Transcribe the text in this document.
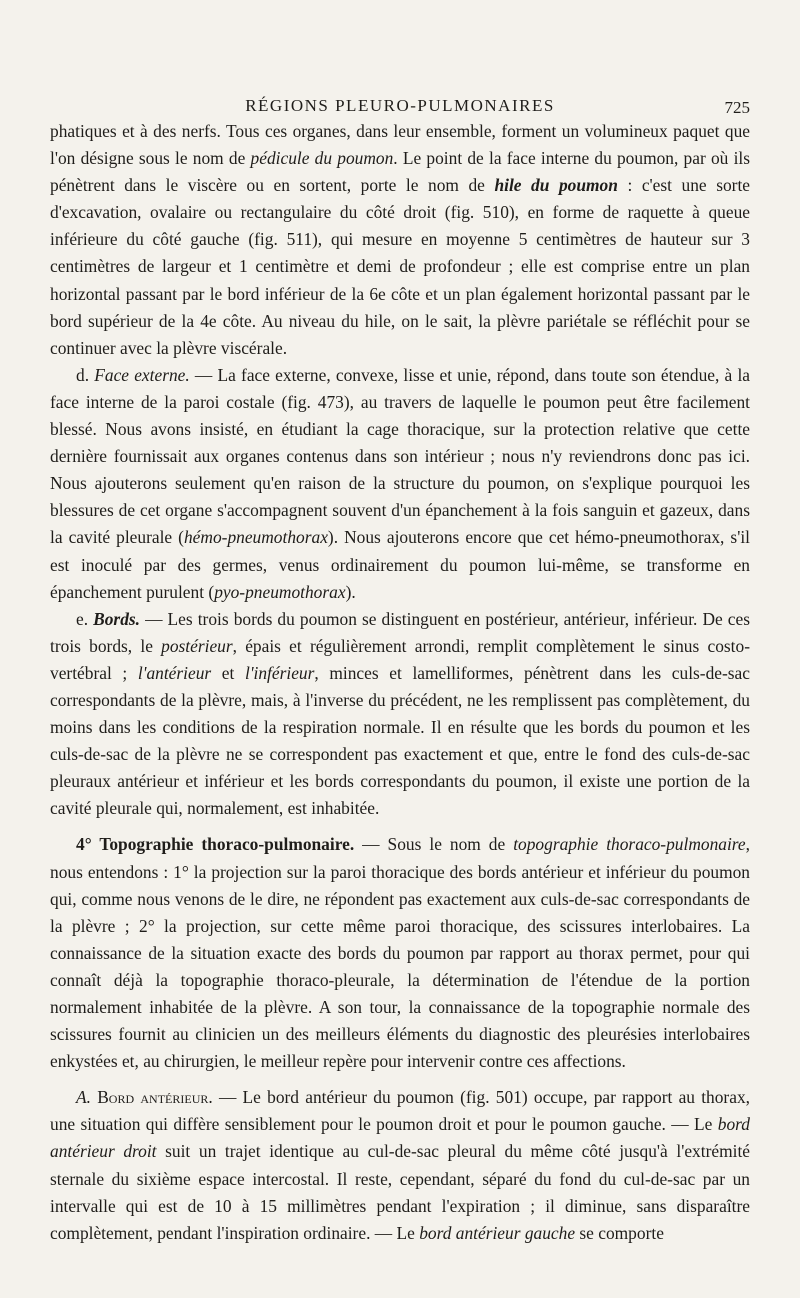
RÉGIONS PLEURO-PULMONAIRES	725

phatiques et à des nerfs. Tous ces organes, dans leur ensemble, forment un volumineux paquet que l'on désigne sous le nom de pédicule du poumon. Le point de la face interne du poumon, par où ils pénètrent dans le viscère ou en sortent, porte le nom de hile du poumon : c'est une sorte d'excavation, ovalaire ou rectangulaire du côté droit (fig. 510), en forme de raquette à queue inférieure du côté gauche (fig. 511), qui mesure en moyenne 5 centimètres de hauteur sur 3 centimètres de largeur et 1 centimètre et demi de profondeur ; elle est comprise entre un plan horizontal passant par le bord inférieur de la 6e côte et un plan également horizontal passant par le bord supérieur de la 4e côte. Au niveau du hile, on le sait, la plèvre pariétale se réfléchit pour se continuer avec la plèvre viscérale.

d. Face externe. — La face externe, convexe, lisse et unie, répond, dans toute son étendue, à la face interne de la paroi costale (fig. 473), au travers de laquelle le poumon peut être facilement blessé. Nous avons insisté, en étudiant la cage thoracique, sur la protection relative que cette dernière fournissait aux organes contenus dans son intérieur ; nous n'y reviendrons donc pas ici. Nous ajouterons seulement qu'en raison de la structure du poumon, on s'explique pourquoi les blessures de cet organe s'accompagnent souvent d'un épanchement à la fois sanguin et gazeux, dans la cavité pleurale (hémo-pneumothorax). Nous ajouterons encore que cet hémo-pneumothorax, s'il est inoculé par des germes, venus ordinairement du poumon lui-même, se transforme en épanchement purulent (pyo-pneumothorax).

e. Bords. — Les trois bords du poumon se distinguent en postérieur, antérieur, inférieur. De ces trois bords, le postérieur, épais et régulièrement arrondi, remplit complètement le sinus costo-vertébral ; l'antérieur et l'inférieur, minces et lamelliformes, pénètrent dans les culs-de-sac correspondants de la plèvre, mais, à l'inverse du précédent, ne les remplissent pas complètement, du moins dans les conditions de la respiration normale. Il en résulte que les bords du poumon et les culs-de-sac de la plèvre ne se correspondent pas exactement et que, entre le fond des culs-de-sac pleuraux antérieur et inférieur et les bords correspondants du poumon, il existe une portion de la cavité pleurale qui, normalement, est inhabitée.

4° Topographie thoraco-pulmonaire. — Sous le nom de topographie thoraco-pulmonaire, nous entendons : 1° la projection sur la paroi thoracique des bords antérieur et inférieur du poumon qui, comme nous venons de le dire, ne répondent pas exactement aux culs-de-sac correspondants de la plèvre ; 2° la projection, sur cette même paroi thoracique, des scissures interlobaires. La connaissance de la situation exacte des bords du poumon par rapport au thorax permet, pour qui connaît déjà la topographie thoraco-pleurale, la détermination de l'étendue de la portion normalement inhabitée de la plèvre. A son tour, la connaissance de la topographie normale des scissures fournit au clinicien un des meilleurs éléments du diagnostic des pleurésies interlobaires enkystées et, au chirurgien, le meilleur repère pour intervenir contre ces affections.

A. Bord antérieur. — Le bord antérieur du poumon (fig. 501) occupe, par rapport au thorax, une situation qui diffère sensiblement pour le poumon droit et pour le poumon gauche. — Le bord antérieur droit suit un trajet identique au cul-de-sac pleural du même côté jusqu'à l'extrémité sternale du sixième espace intercostal. Il reste, cependant, séparé du fond du cul-de-sac par un intervalle qui est de 10 à 15 millimètres pendant l'expiration ; il diminue, sans disparaître complètement, pendant l'inspiration ordinaire. — Le bord antérieur gauche se comporte
